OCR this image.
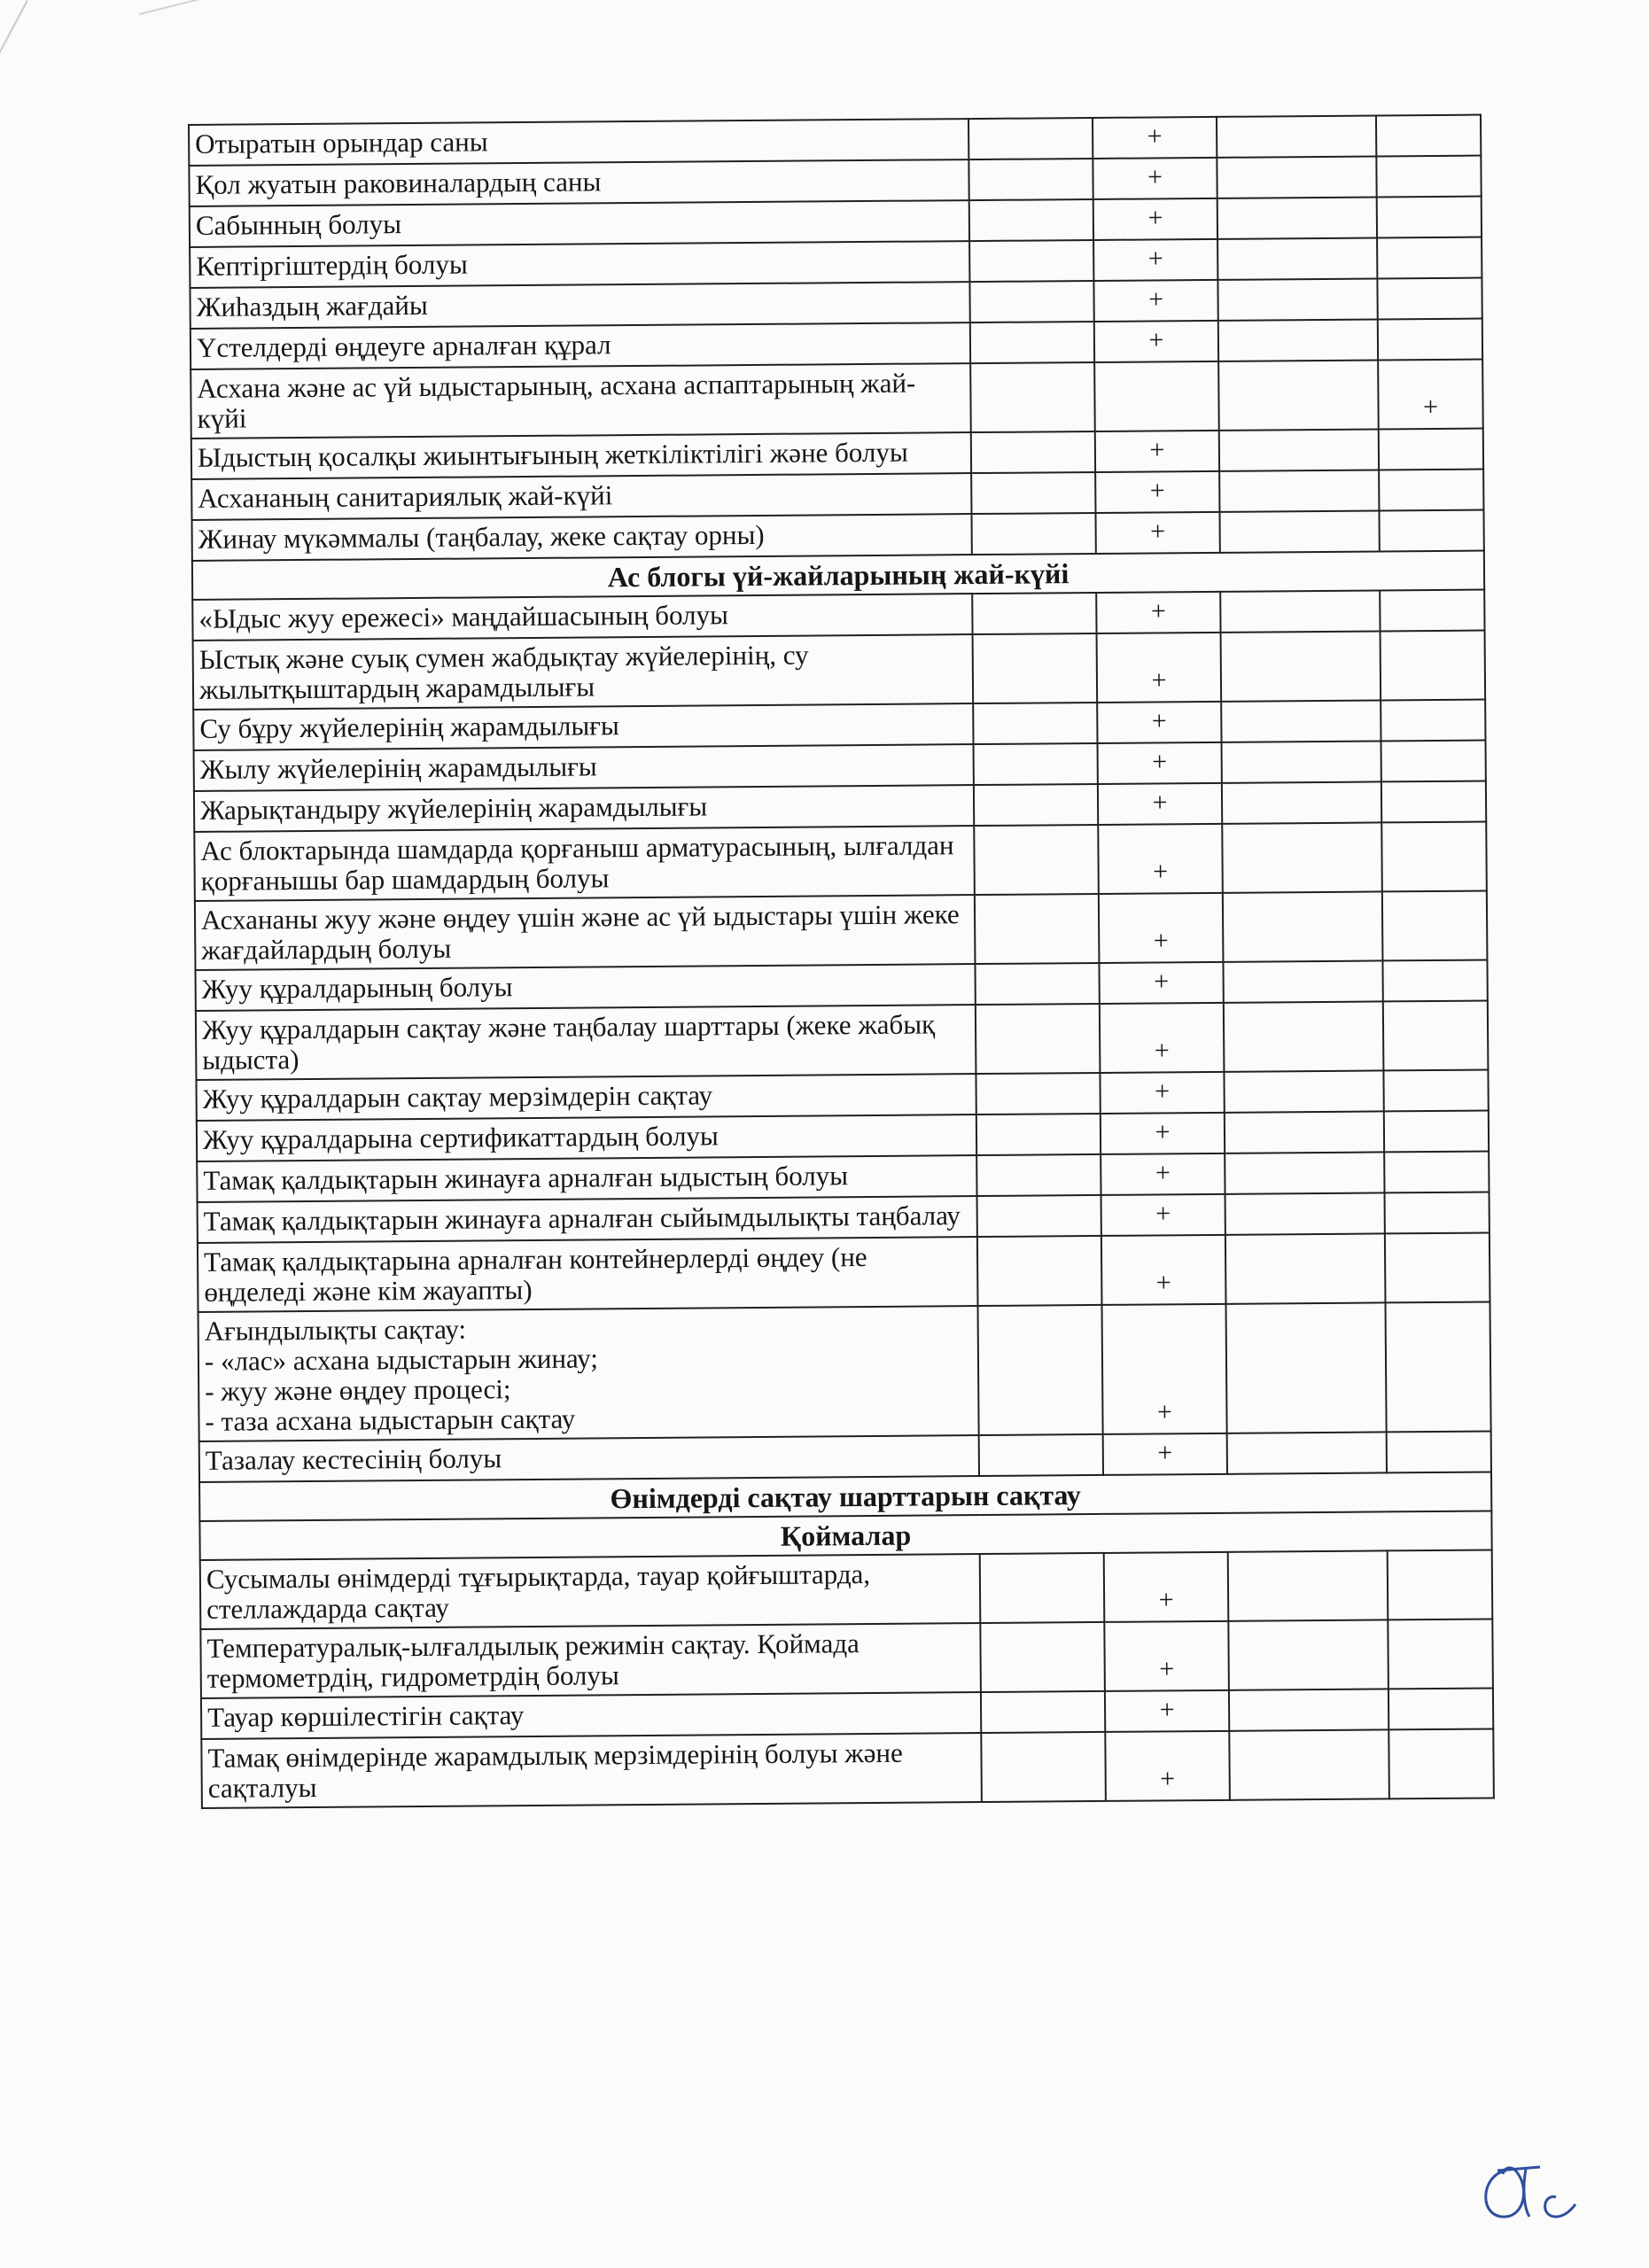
Отыратын орындар саны		+		
Қол жуатын раковиналардың саны		+		
Сабынның болуы		+		
Кептіргіштердің болуы		+		
Жиһаздың жағдайы		+		
Үстелдерді өңдеуге арналған құрал		+		
Асхана және ас үй ыдыстарының, асхана аспаптарының жай-күйі				+
Ыдыстың қосалқы жиынтығының жеткіліктілігі және болуы		+		
Асхананың санитариялық жай-күйі		+		
Жинау мүкәммалы (таңбалау, жеке сақтау орны)		+		
Ас блогы үй-жайларының жай-күйі				
«Ыдыс жуу ережесі» маңдайшасының болуы		+		
Ыстық және суық сумен жабдықтау жүйелерінің, су жылытқыштардың жарамдылығы		+		
Су бұру жүйелерінің жарамдылығы		+		
Жылу жүйелерінің жарамдылығы		+		
Жарықтандыру жүйелерінің жарамдылығы		+		
Ас блоктарында шамдарда қорғаныш арматурасының, ылғалдан қорғанышы бар шамдардың болуы		+		
Асхананы жуу және өңдеу үшін және ас үй ыдыстары үшін жеке жағдайлардың болуы		+		
Жуу құралдарының болуы		+		
Жуу құралдарын сақтау және таңбалау шарттары (жеке жабық ыдыста)		+		
Жуу құралдарын сақтау мерзімдерін сақтау		+		
Жуу құралдарына сертификаттардың болуы		+		
Тамақ қалдықтарын жинауға арналған ыдыстың болуы		+		
Тамақ қалдықтарын жинауға арналған сыйымдылықты таңбалау		+		
Тамақ қалдықтарына арналған контейнерлерді өңдеу (не өңделеді және кім жауапты)		+		
Ағындылықты сақтау:
- «лас» асхана ыдыстарын жинау;
- жуу және өңдеу процесі;
- таза асхана ыдыстарын сақтау		+		
Тазалау кестесінің болуы		+		
Өнімдерді сақтау шарттарын сақтау				
Қоймалар				
Сусымалы өнімдерді тұғырықтарда, тауар қойғыштарда, стеллаждарда сақтау		+		
Температуралық-ылғалдылық режимін сақтау. Қоймада термометрдің, гидрометрдің болуы		+		
Тауар көршілестігін сақтау		+		
Тамақ өнімдерінде жарамдылық мерзімдерінің болуы және сақталуы		+		
